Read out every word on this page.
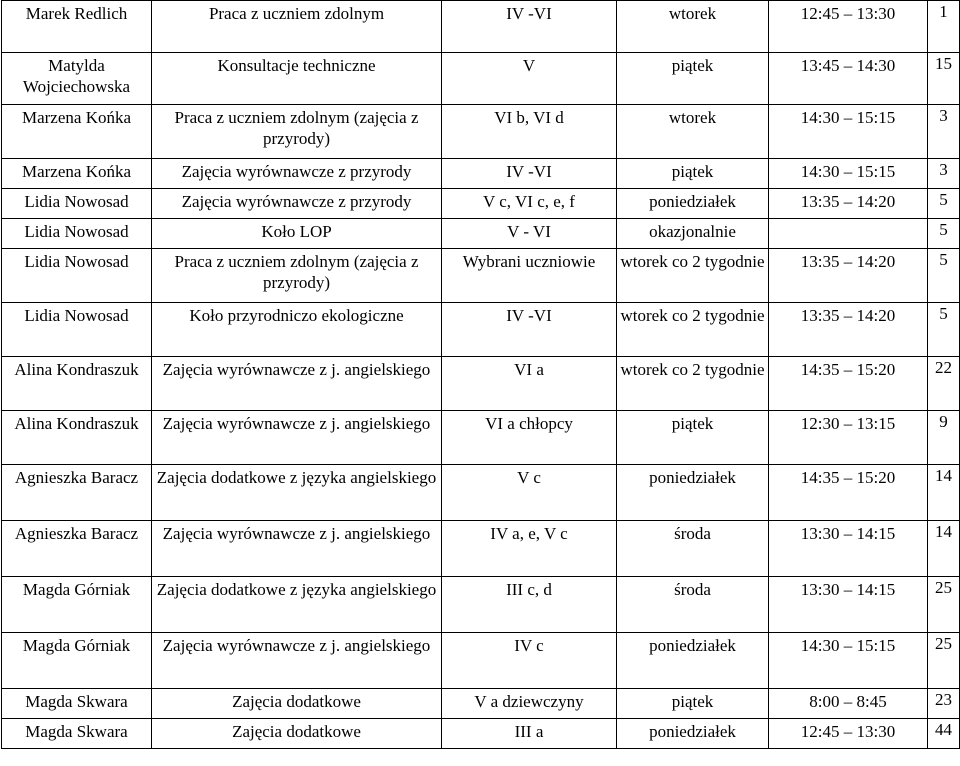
Marek Redlich	Praca z uczniem zdolnym	IV -VI	wtorek	12:45 – 13:30	1
Matylda Wojciechowska	Konsultacje techniczne	V	piątek	13:45 – 14:30	15
Marzena Końka	Praca z uczniem zdolnym (zajęcia z przyrody)	VI b, VI d	wtorek	14:30 – 15:15	3
Marzena Końka	Zajęcia wyrównawcze z przyrody	IV -VI	piątek	14:30 – 15:15	3
Lidia Nowosad	Zajęcia wyrównawcze z przyrody	V c, VI c, e, f	poniedziałek	13:35 – 14:20	5
Lidia Nowosad	Koło LOP	V - VI	okazjonalnie		5
Lidia Nowosad	Praca z uczniem zdolnym (zajęcia z przyrody)	Wybrani uczniowie	wtorek co 2 tygodnie	13:35 – 14:20	5
Lidia Nowosad	Koło przyrodniczo ekologiczne	IV -VI	wtorek co 2 tygodnie	13:35 – 14:20	5
Alina Kondraszuk	Zajęcia wyrównawcze z j. angielskiego	VI a	wtorek co 2 tygodnie	14:35 – 15:20	22
Alina Kondraszuk	Zajęcia wyrównawcze z j. angielskiego	VI a chłopcy	piątek	12:30 – 13:15	9
Agnieszka Baracz	Zajęcia dodatkowe z języka angielskiego	V c	poniedziałek	14:35 – 15:20	14
Agnieszka Baracz	Zajęcia wyrównawcze z j. angielskiego	IV a, e, V c	środa	13:30 – 14:15	14
Magda Górniak	Zajęcia dodatkowe z języka angielskiego	III c, d	środa	13:30 – 14:15	25
Magda Górniak	Zajęcia wyrównawcze z j. angielskiego	IV c	poniedziałek	14:30 – 15:15	25
Magda Skwara	Zajęcia dodatkowe	V a dziewczyny	piątek	8:00 – 8:45	23
Magda Skwara	Zajęcia dodatkowe	III a	poniedziałek	12:45 – 13:30	44
